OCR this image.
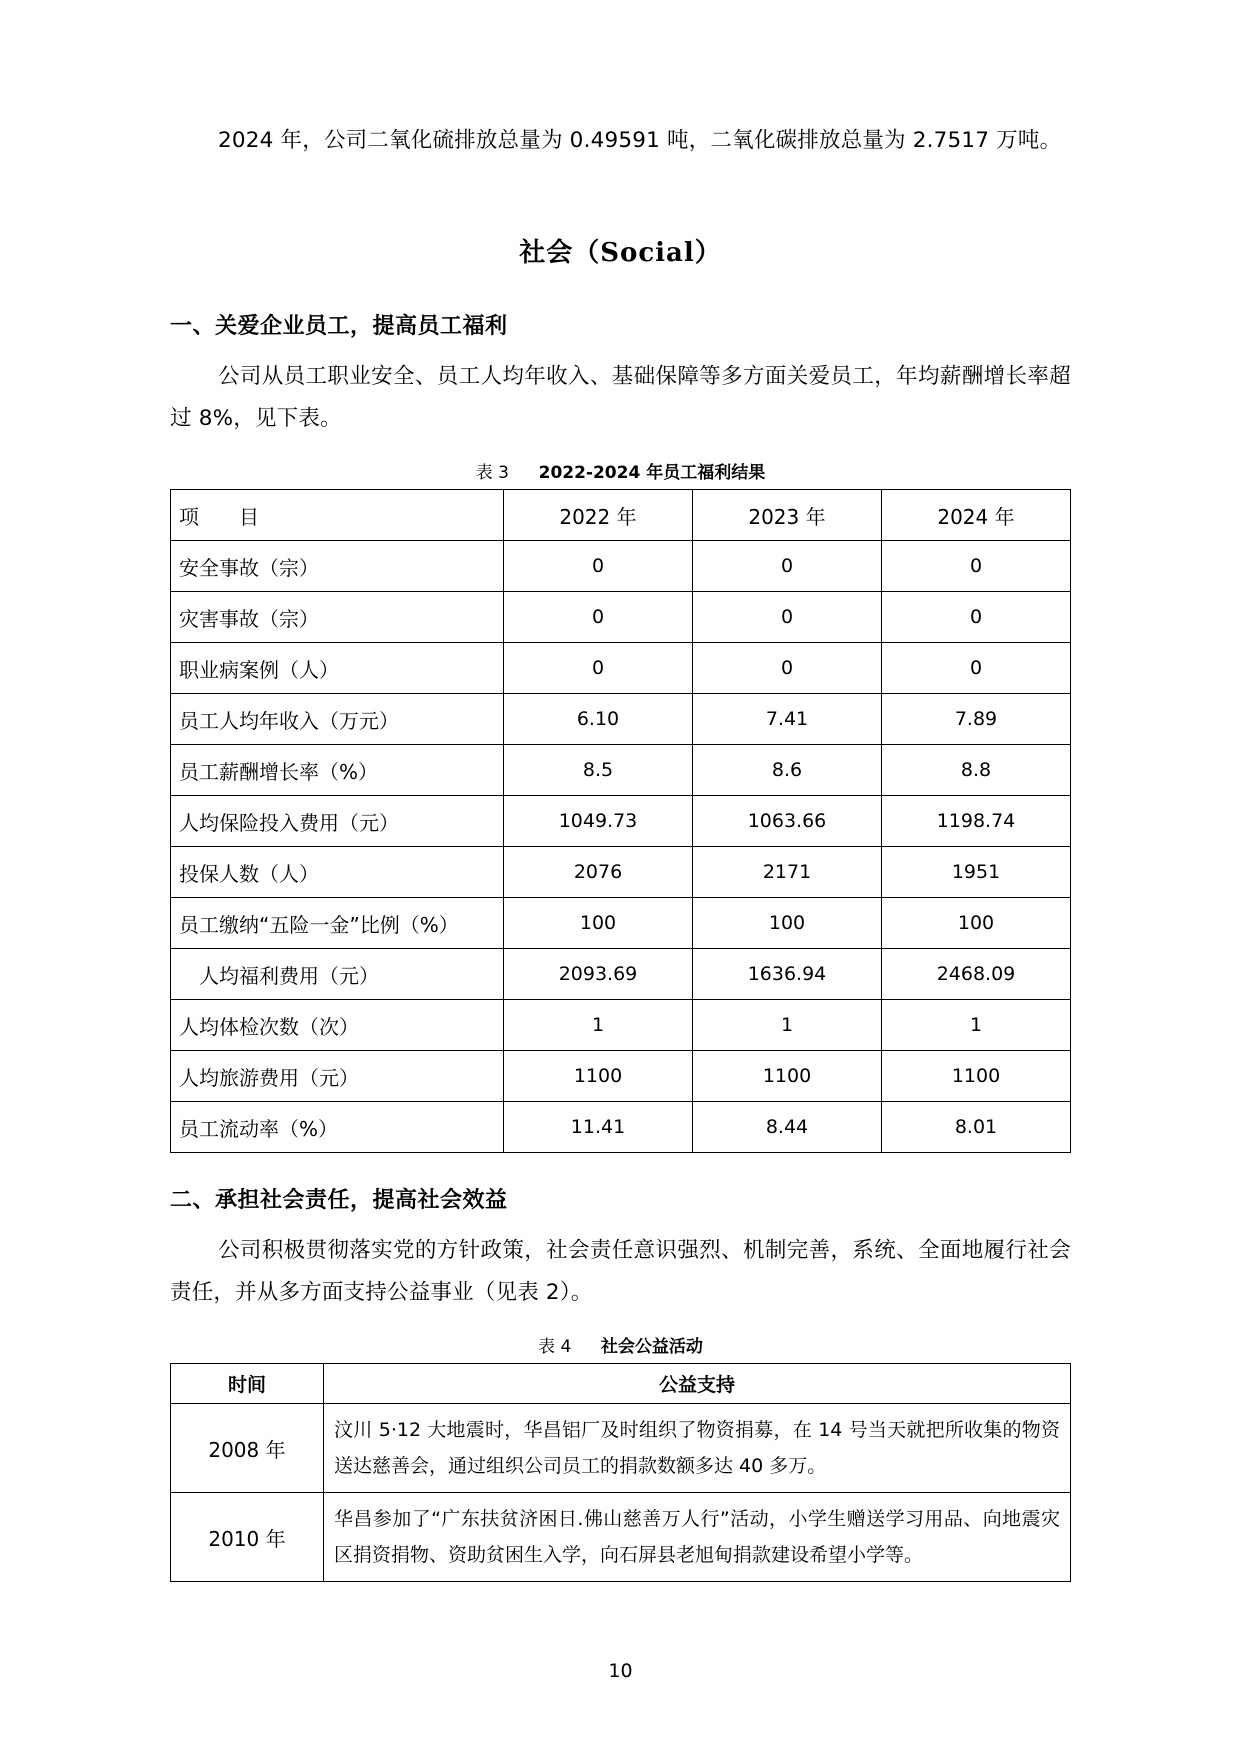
2024 年，公司二氧化硫排放总量为 0.49591 吨，二氧化碳排放总量为 2.7517 万吨。

社会（Social）
一、关爱企业员工，提高员工福利

公司从员工职业安全、员工人均年收入、基础保障等多方面关爱员工，年均薪酬增长率超过 8%，见下表。

表 3 2022-2024 年员工福利结果
项　　目	2022 年	2023 年	2024 年
安全事故（宗）	0	0	0
灾害事故（宗）	0	0	0
职业病案例（人）	0	0	0
员工人均年收入（万元）	6.10	7.41	7.89
员工薪酬增长率（%）	8.5	8.6	8.8
人均保险投入费用（元）	1049.73	1063.66	1198.74
投保人数（人）	2076	2171	1951
员工缴纳“五险一金”比例（%）	100	100	100
　人均福利费用（元）	2093.69	1636.94	2468.09
人均体检次数（次）	1	1	1
人均旅游费用（元）	1100	1100	1100
员工流动率（%）	11.41	8.44	8.01
二、承担社会责任，提高社会效益

公司积极贯彻落实党的方针政策，社会责任意识强烈、机制完善，系统、全面地履行社会责任，并从多方面支持公益事业（见表 2）。

表 4 社会公益活动
时间	公益支持
2008 年	汶川 5·12 大地震时，华昌铝厂及时组织了物资捐募，在 14 号当天就把所收集的物资送达慈善会，通过组织公司员工的捐款数额多达 40 多万。
2010 年	华昌参加了“广东扶贫济困日.佛山慈善万人行”活动，小学生赠送学习用品、向地震灾区捐资捐物、资助贫困生入学，向石屏县老旭甸捐款建设希望小学等。
10
